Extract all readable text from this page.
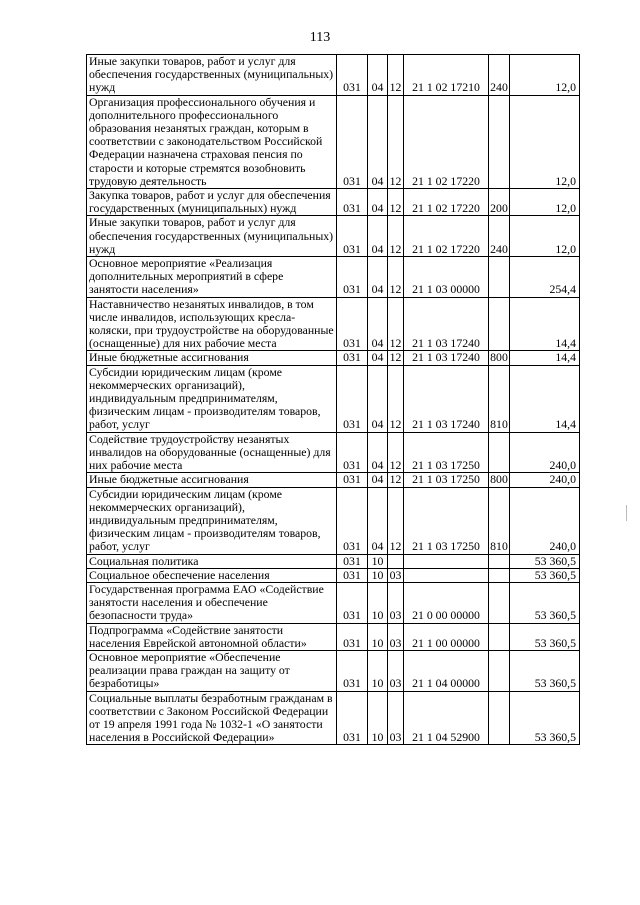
113
Иные закупки товаров, работ и услуг для обеспечения государственных (муниципальных) нужд	031	04	12	21 1 02 17210	240	12,0
Организация профессионального обучения и дополнительного профессионального образования незанятых граждан, которым в соответствии с законодательством Российской Федерации назначена страховая пенсия по старости и которые стремятся возобновить трудовую деятельность	031	04	12	21 1 02 17220		12,0
Закупка товаров, работ и услуг для обеспечения государственных (муниципальных) нужд	031	04	12	21 1 02 17220	200	12,0
Иные закупки товаров, работ и услуг для обеспечения государственных (муниципальных) нужд	031	04	12	21 1 02 17220	240	12,0
Основное мероприятие «Реализация дополнительных мероприятий в сфере занятости населения»	031	04	12	21 1 03 00000		254,4
Наставничество незанятых инвалидов, в том числе инвалидов, использующих кресла-коляски, при трудоустройстве на оборудованные (оснащенные) для них рабочие места	031	04	12	21 1 03 17240		14,4
Иные бюджетные ассигнования	031	04	12	21 1 03 17240	800	14,4
Субсидии юридическим лицам (кроме некоммерческих организаций), индивидуальным предпринимателям, физическим лицам - производителям товаров, работ, услуг	031	04	12	21 1 03 17240	810	14,4
Содействие трудоустройству незанятых инвалидов на оборудованные (оснащенные) для них рабочие места	031	04	12	21 1 03 17250		240,0
Иные бюджетные ассигнования	031	04	12	21 1 03 17250	800	240,0
Субсидии юридическим лицам (кроме некоммерческих организаций), индивидуальным предпринимателям, физическим лицам - производителям товаров, работ, услуг	031	04	12	21 1 03 17250	810	240,0
Социальная политика	031	10				53 360,5
Социальное обеспечение населения	031	10	03			53 360,5
Государственная программа ЕАО «Содействие занятости населения и обеспечение безопасности труда»	031	10	03	21 0 00 00000		53 360,5
Подпрограмма «Содействие занятости населения Еврейской автономной области»	031	10	03	21 1 00 00000		53 360,5
Основное мероприятие «Обеспечение реализации права граждан на защиту от безработицы»	031	10	03	21 1 04 00000		53 360,5
Социальные выплаты безработным гражданам в соответствии с Законом Российской Федерации от 19 апреля 1991 года № 1032-1 «О занятости населения в Российской Федерации»	031	10	03	21 1 04 52900		53 360,5
